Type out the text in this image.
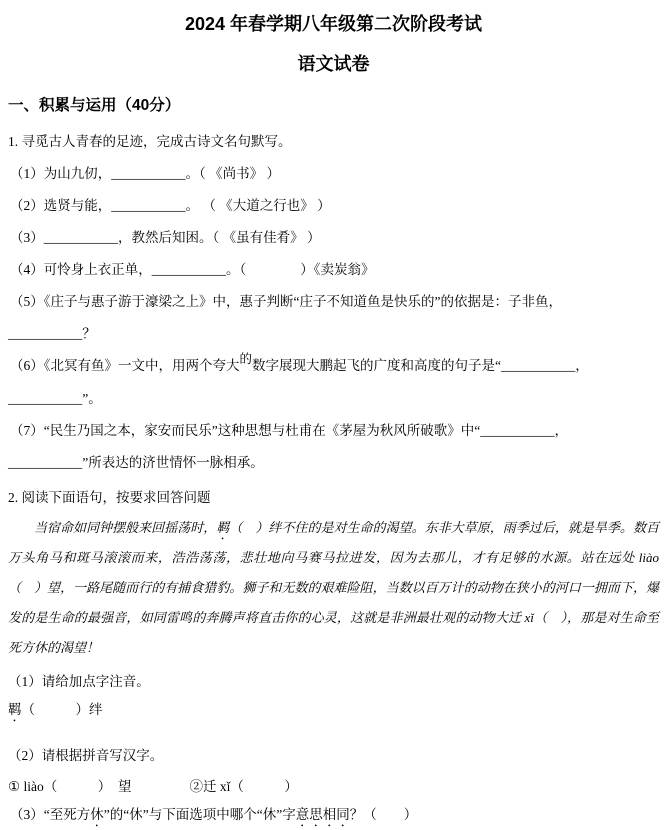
2024 年春学期八年级第二次阶段考试
语文试卷
一、积累与运用（40分）
1. 寻觅古人青春的足迹，完成古诗文名句默写。
（1）为山九仞，___________。（ 《尚书》 ）
（2）选贤与能，___________。 （ 《大道之行也》 ）
（3）___________，教然后知困。（ 《虽有佳肴》 ）
（4）可怜身上衣正单，___________。（　　　　）《卖炭翁》
（5）《庄子与惠子游于濠梁之上》中，惠子判断“庄子不知道鱼是快乐的”的依据是：子非鱼，
___________？
（6）《北冥有鱼》一文中，用两个夸大的数字展现大鹏起飞的广度和高度的句子是“___________，
___________”。
（7）“民生乃国之本，家安而民乐”这种思想与杜甫在《茅屋为秋风所破歌》中“___________，
___________”所表达的济世情怀一脉相承。
2. 阅读下面语句，按要求回答问题

当宿命如同钟摆般来回摇荡时，羁（　）绊不住的是对生命的渴望。东非大草原，雨季过后，就是旱季。数百万头角马和斑马滚滚而来，浩浩荡荡，悲壮地向马赛马拉进发，因为去那儿，才有足够的水源。站在远处 liào（　）望，一路尾随而行的有捕食猎豹。狮子和无数的艰难险阻，当数以百万计的动物在狭小的河口一拥而下，爆发的是生命的最强音，如同雷鸣的奔腾声将直击你的心灵，这就是非洲最壮观的动物大迁 xǐ（　），那是对生命至死方休的渴望！

（1）请给加点字注音。
羁（　　　）绊
（2）请根据拼音写汉字。
① liào（　　　）　望	②迁 xǐ（　　　）
（3）“至死方休”的“休”与下面选项中哪个“休”字意思相同？（　　）
